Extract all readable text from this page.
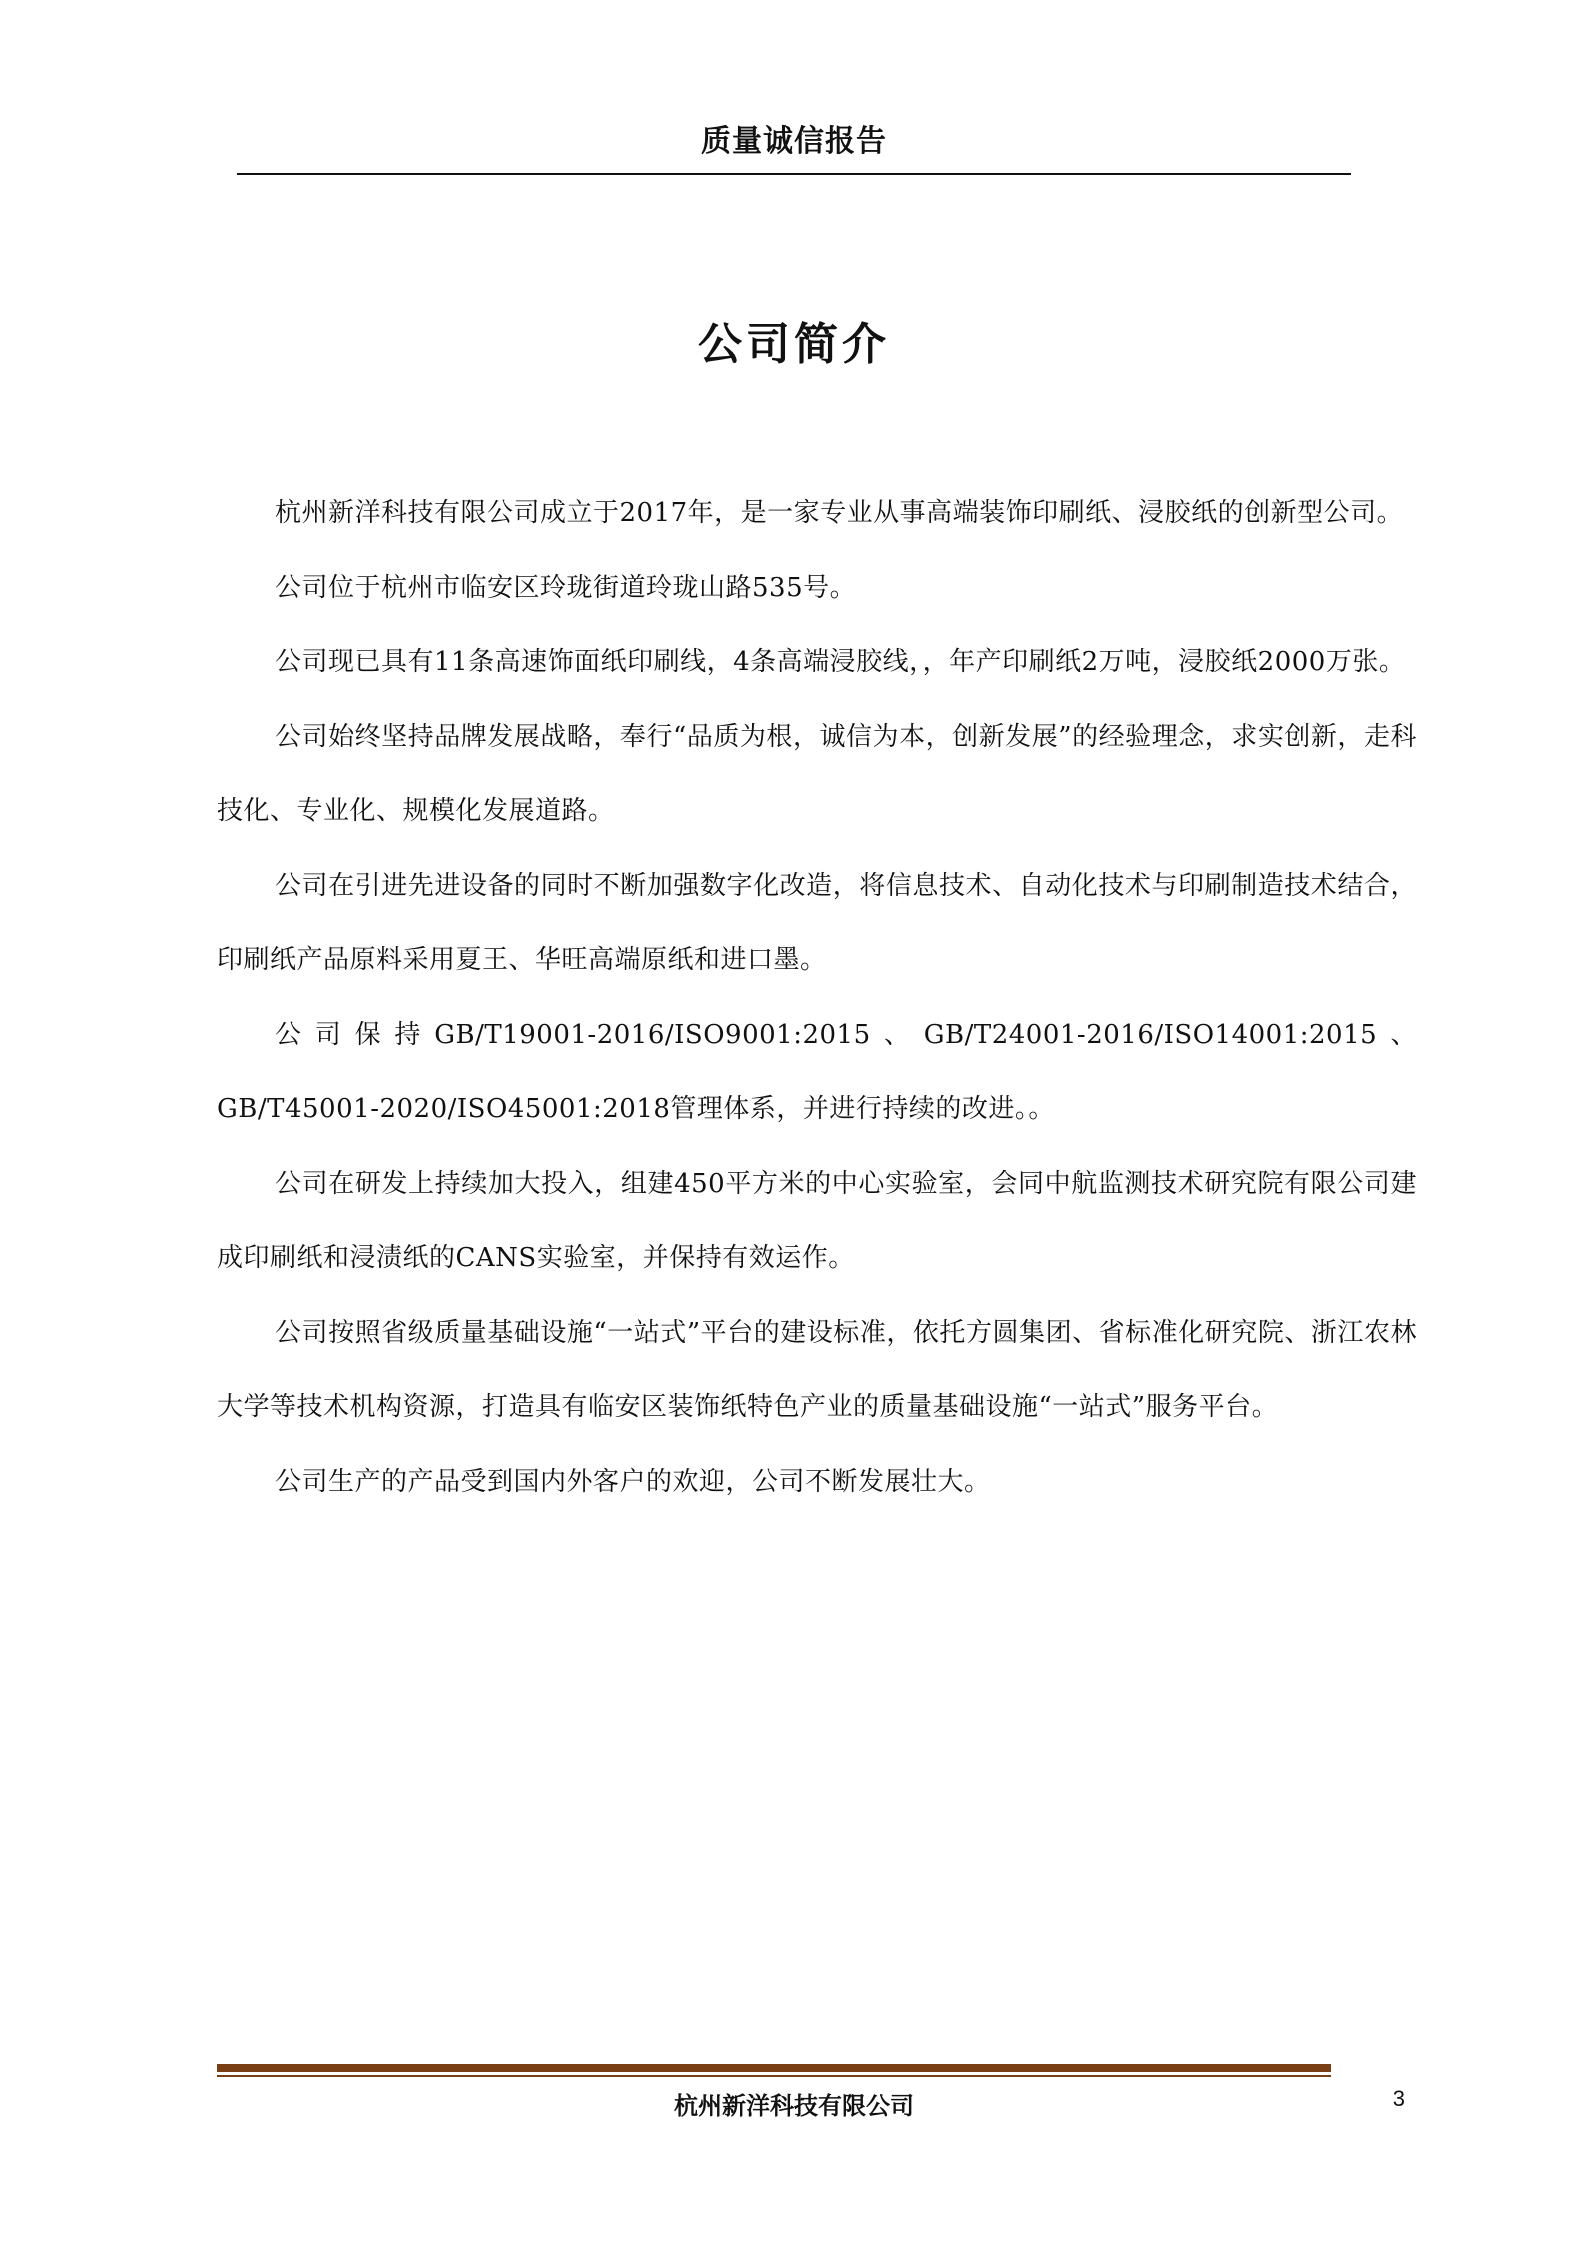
质量诚信报告
公司简介

杭州新洋科技有限公司成立于2017年，是一家专业从事高端装饰印刷纸、浸胶纸的创新型公司。

公司位于杭州市临安区玲珑街道玲珑山路535号。

公司现已具有11条高速饰面纸印刷线，4条高端浸胶线，，年产印刷纸2万吨，浸胶纸2000万张。

公司始终坚持品牌发展战略，奉行“品质为根，诚信为本，创新发展”的经验理念，求实创新，走科技化、专业化、规模化发展道路。

公司在引进先进设备的同时不断加强数字化改造，将信息技术、自动化技术与印刷制造技术结合，印刷纸产品原料采用夏王、华旺高端原纸和进口墨。

公司保持GB/T19001-2016/ISO9001:2015、GB/T24001-2016/ISO14001:2015、GB/T45001-2020/ISO45001:2018管理体系，并进行持续的改进。。

公司在研发上持续加大投入，组建450平方米的中心实验室，会同中航监测技术研究院有限公司建成印刷纸和浸渍纸的CANS实验室，并保持有效运作。

公司按照省级质量基础设施“一站式”平台的建设标准，依托方圆集团、省标准化研究院、浙江农林大学等技术机构资源，打造具有临安区装饰纸特色产业的质量基础设施“一站式”服务平台。

公司生产的产品受到国内外客户的欢迎，公司不断发展壮大。

杭州新洋科技有限公司	3
